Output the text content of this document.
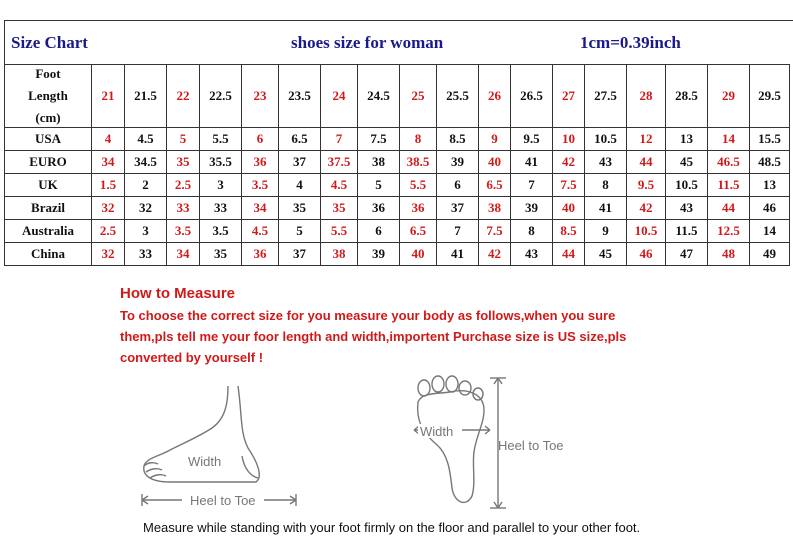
Size Chart	shoes size for woman	1cm=0.39inch
Foot
Length
(cm)	21	21.5	22	22.5	23	23.5	24	24.5	25	25.5	26	26.5	27	27.5	28	28.5	29	29.5
USA	4	4.5	5	5.5	6	6.5	7	7.5	8	8.5	9	9.5	10	10.5	12	13	14	15.5
EURO	34	34.5	35	35.5	36	37	37.5	38	38.5	39	40	41	42	43	44	45	46.5	48.5
UK	1.5	2	2.5	3	3.5	4	4.5	5	5.5	6	6.5	7	7.5	8	9.5	10.5	11.5	13
Brazil	32	32	33	33	34	35	35	36	36	37	38	39	40	41	42	43	44	46
Australia	2.5	3	3.5	3.5	4.5	5	5.5	6	6.5	7	7.5	8	8.5	9	10.5	11.5	12.5	14
China	32	33	34	35	36	37	38	39	40	41	42	43	44	45	46	47	48	49
How to Measure
To choose the correct size for you measure your body as follows,when you sure
them,pls tell me your foor length and width,importent Purchase size is US size,pls
converted by yourself !
Width
Heel to Toe
Width
Heel to Toe
Measure while standing with your foot firmly on the floor and parallel to your other foot.
